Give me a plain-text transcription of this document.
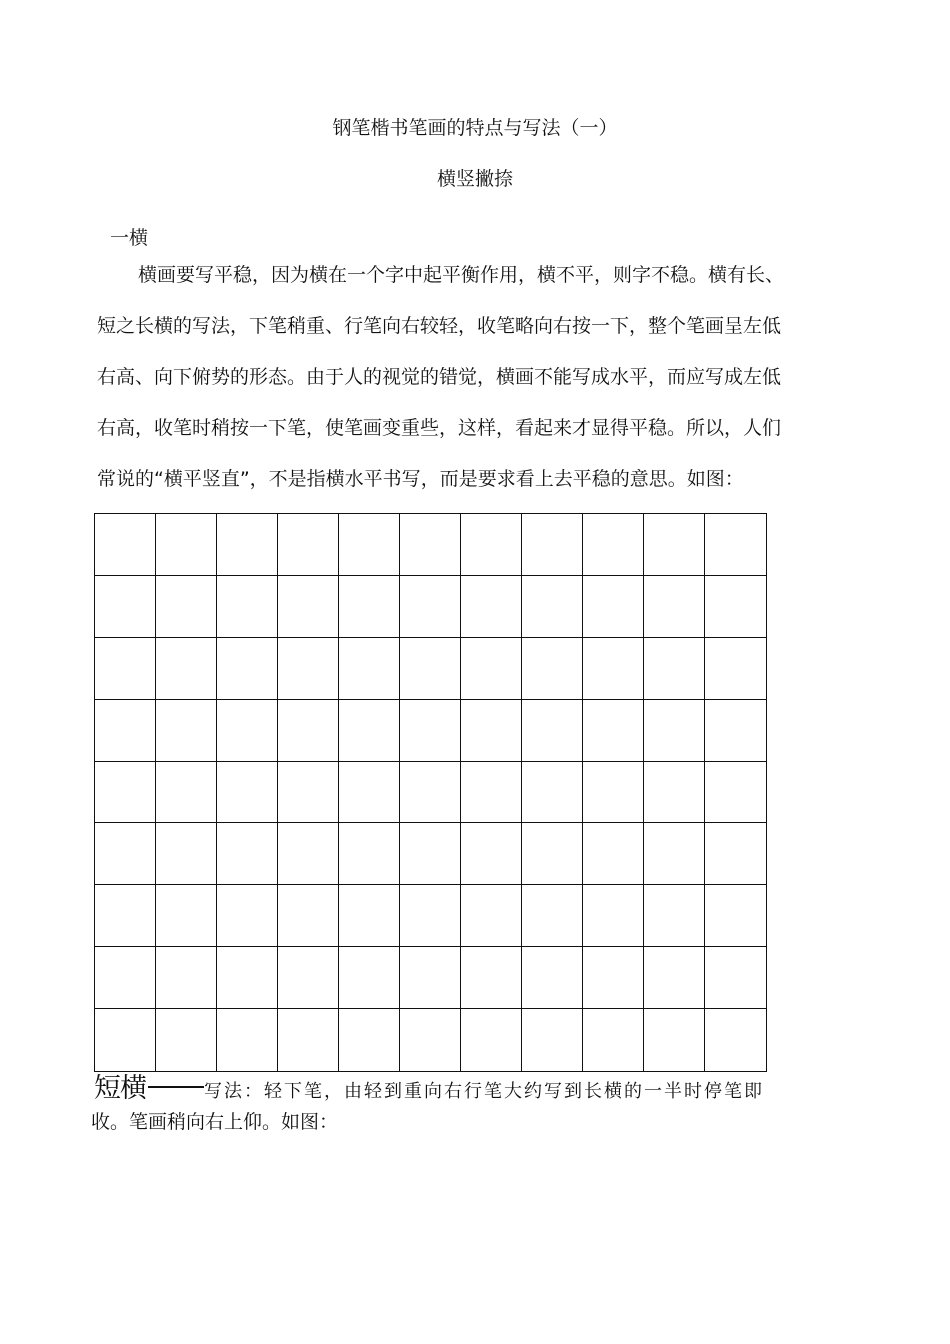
钢笔楷书笔画的特点与写法（一）
横竖撇捺
一横
横画要写平稳，因为横在一个字中起平衡作用，横不平，则字不稳。横有长、
短之长横的写法，下笔稍重、行笔向右较轻，收笔略向右按一下，整个笔画呈左低
右高、向下俯势的形态。由于人的视觉的错觉，横画不能写成水平，而应写成左低
右高，收笔时稍按一下笔，使笔画变重些，这样，看起来才显得平稳。所以，人们
常说的“横平竖直”，不是指横水平书写，而是要求看上去平稳的意思。如图：
短横	写法：轻下笔，由轻到重向右行笔大约写到长横的一半时停笔即
收。笔画稍向右上仰。如图：
